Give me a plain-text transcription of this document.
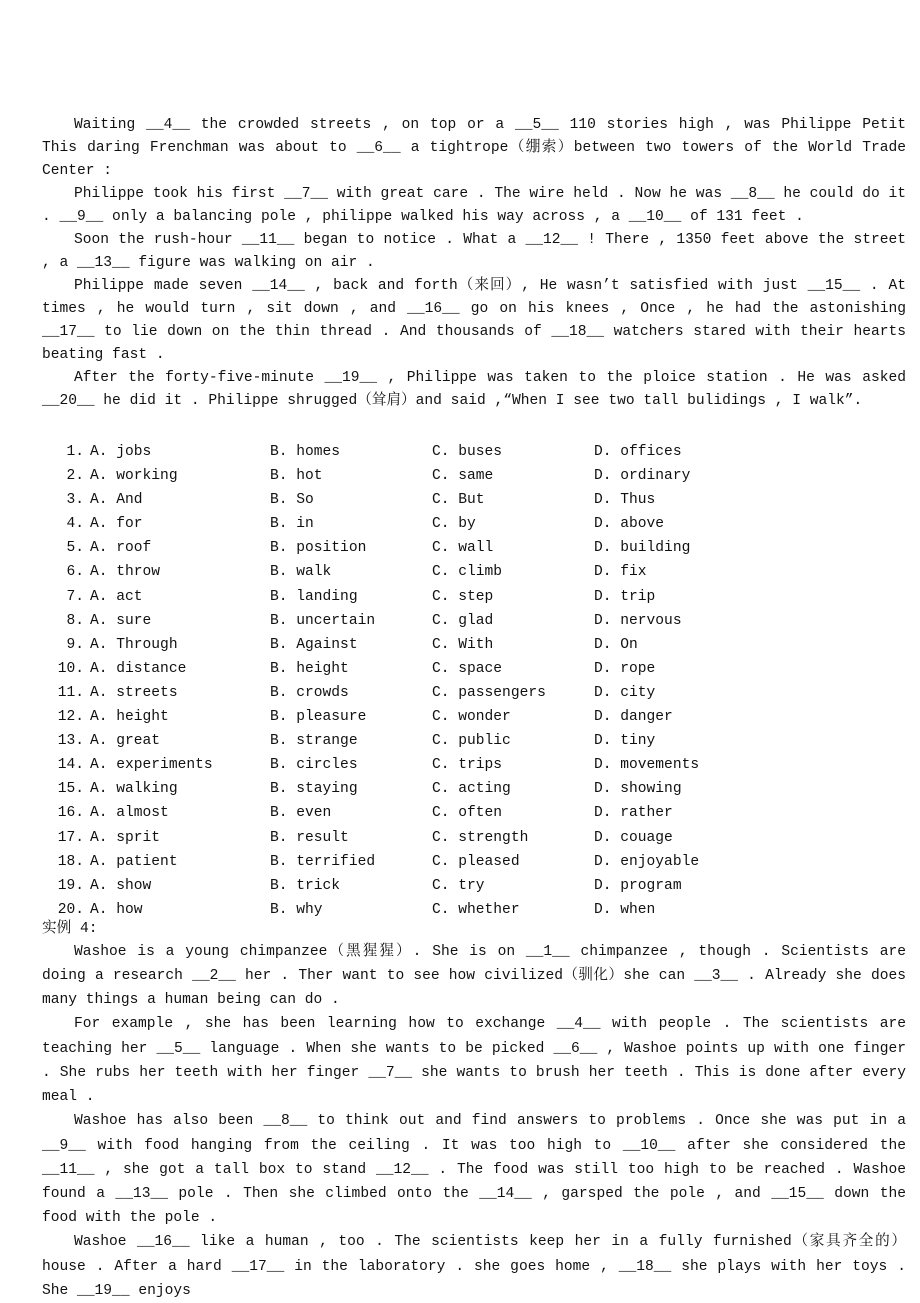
Waiting __4__ the crowded streets , on top or a __5__ 110 stories high , was Philippe Petit This daring Frenchman was about to __6__ a tightrope（绷索）between two towers of the World Trade Center :

Philippe took his first __7__ with great care . The wire held . Now he was __8__ he could do it . __9__ only a balancing pole , philippe walked his way across , a __10__ of 131 feet .

Soon the rush-hour __11__ began to notice . What a __12__ ! There , 1350 feet above the street , a __13__ figure was walking on air .

Philippe made seven __14__ , back and forth（来回）, He wasn’t satisfied with just __15__ . At times , he would turn , sit down , and __16__ go on his knees , Once , he had the astonishing __17__ to lie down on the thin thread . And thousands of __18__ watchers stared with their hearts beating fast .

After the forty-five-minute __19__ , Philippe was taken to the ploice station . He was asked __20__ he did it . Philippe shrugged（耸肩）and said ,“When I see two tall bulidings , I walk”.

1. A. jobs	B. homes	C. buses	D. offices
2. A. working	B. hot	C. same	D. ordinary
3. A. And	B. So	C. But	D. Thus
4. A. for	B. in	C. by	D. above
5. A. roof	B. position	C. wall	D. building
6. A. throw	B. walk	C. climb	D. fix
7. A. act	B. landing	C. step	D. trip
8. A. sure	B. uncertain	C. glad	D. nervous
9. A. Through	B. Against	C. With	D. On
10. A. distance	B. height	C. space	D. rope
11. A. streets	B. crowds	C. passengers	D. city
12. A. height	B. pleasure	C. wonder	D. danger
13. A. great	B. strange	C. public	D. tiny
14. A. experiments	B. circles	C. trips	D. movements
15. A. walking	B. staying	C. acting	D. showing
16. A. almost	B. even	C. often	D. rather
17. A. sprit	B. result	C. strength	D. couage
18. A. patient	B. terrified	C. pleased	D. enjoyable
19. A. show	B. trick	C. try	D. program
20. A. how	B. why	C. whether	D. when
实例 4:

Washoe is a young chimpanzee（黑猩猩）. She is on __1__ chimpanzee , though . Scientists are doing a research __2__ her . Ther want to see how civilized（驯化）she can __3__ . Already she does many things a human being can do .

For example , she has been learning how to exchange __4__ with people . The scientists are teaching her __5__ language . When she wants to be picked __6__ , Washoe points up with one finger . She rubs her teeth with her finger __7__ she wants to brush her teeth . This is done after every meal .

Washoe has also been __8__ to think out and find answers to problems . Once she was put in a __9__ with food hanging from the ceiling . It was too high to __10__ after she considered the __11__ , she got a tall box to stand __12__ . The food was still too high to be reached . Washoe found a __13__ pole . Then she climbed onto the __14__ , garsped the pole , and __15__ down the food with the pole .

Washoe __16__ like a human , too . The scientists keep her in a fully furnished（家具齐全的）house . After a hard __17__ in the laboratory . she goes home , __18__ she plays with her toys . She __19__ enjoys
